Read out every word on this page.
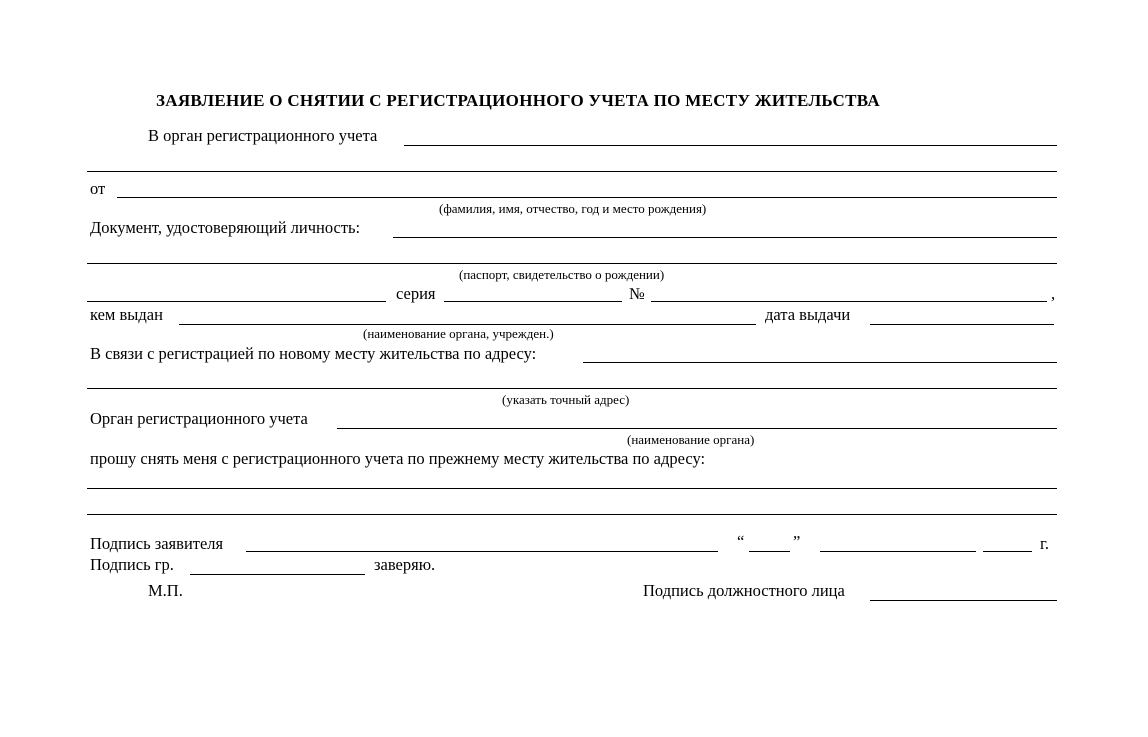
ЗАЯВЛЕНИЕ О СНЯТИИ С РЕГИСТРАЦИОННОГО УЧЕТА ПО МЕСТУ ЖИТЕЛЬСТВА
В орган регистрационного учета
от
(фамилия, имя, отчество, год и место рождения)
Документ, удостоверяющий личность:
(паспорт, свидетельство о рождении)
серия	№	,
кем выдан	дата выдачи
(наименование органа, учрежден.)
В связи с регистрацией по новому месту жительства по адресу:
(указать точный адрес)
Орган регистрационного учета
(наименование органа)
прошу снять меня с регистрационного учета по прежнему месту жительства по адресу:
Подпись заявителя	“	”	г.
Подпись гр.	заверяю.
М.П.	Подпись должностного лица
